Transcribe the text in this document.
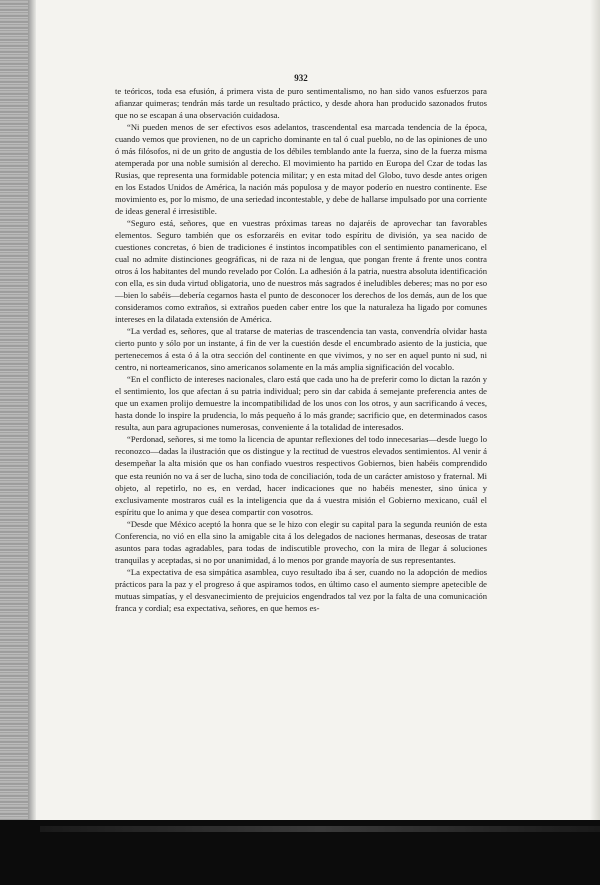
932

te teóricos, toda esa efusión, á primera vista de puro sentimentalismo, no han sido vanos esfuerzos para afianzar quimeras; tendrán más tarde un resultado práctico, y desde ahora han producido sazonados frutos que no se escapan á una observación cuidadosa.

“Ni pueden menos de ser efectivos esos adelantos, trascendental esa marcada tendencia de la época, cuando vemos que provienen, no de un capricho dominante en tal ó cual pueblo, no de las opiniones de uno ó más filósofos, ni de un grito de angustia de los débiles temblando ante la fuerza, sino de la fuerza misma atemperada por una noble sumisión al derecho. El movimiento ha partido en Europa del Czar de todas las Rusias, que representa una formidable potencia militar; y en esta mitad del Globo, tuvo desde antes origen en los Estados Unidos de América, la nación más populosa y de mayor poderío en nuestro continente. Ese movimiento es, por lo mismo, de una seriedad incontestable, y debe de hallarse impulsado por una corriente de ideas general é irresistible.

“Seguro está, señores, que en vuestras próximas tareas no dajaréis de aprovechar tan favorables elementos. Seguro también que os esforzaréis en evitar todo espíritu de división, ya sea nacido de cuestiones concretas, ó bien de tradiciones é instintos incompatibles con el sentimiento panamericano, el cual no admite distinciones geográficas, ni de raza ni de lengua, que pongan frente á frente unos contra otros á los habitantes del mundo revelado por Colón. La adhesión á la patria, nuestra absoluta identificación con ella, es sin duda virtud obligatoria, uno de nuestros más sagrados é ineludibles deberes; mas no por eso—bien lo sabéis—debería cegarnos hasta el punto de desconocer los derechos de los demás, aun de los que consideramos como extraños, si extraños pueden caber entre los que la naturaleza ha ligado por comunes intereses en la dilatada extensión de América.

“La verdad es, señores, que al tratarse de materias de trascendencia tan vasta, convendría olvidar hasta cierto punto y sólo por un instante, á fin de ver la cuestión desde el encumbrado asiento de la justicia, que pertenecemos á esta ó á la otra sección del continente en que vivimos, y no ser en aquel punto ni sud, ni centro, ni norteamericanos, sino americanos solamente en la más amplia significación del vocablo.

“En el conflicto de intereses nacionales, claro está que cada uno ha de preferir como lo dictan la razón y el sentimiento, los que afectan á su patria individual; pero sin dar cabida á semejante preferencia antes de que un examen prolijo demuestre la incompatibilidad de los unos con los otros, y aun sacrificando á veces, hasta donde lo inspire la prudencia, lo más pequeño á lo más grande; sacrificio que, en determinados casos resulta, aun para agrupaciones numerosas, conveniente á la totalidad de interesados.

“Perdonad, señores, si me tomo la licencia de apuntar reflexiones del todo innecesarias—desde luego lo reconozco—dadas la ilustración que os distingue y la rectitud de vuestros elevados sentimientos. Al venir á desempeñar la alta misión que os han confiado vuestros respectivos Gobiernos, bien habéis comprendido que esta reunión no va á ser de lucha, sino toda de conciliación, toda de un carácter amistoso y fraternal. Mi objeto, al repetirlo, no es, en verdad, hacer indicaciones que no habéis menester, sino única y exclusivamente mostraros cuál es la inteligencia que da á vuestra misión el Gobierno mexicano, cuál el espíritu que lo anima y que desea compartir con vosotros.

“Desde que México aceptó la honra que se le hizo con elegir su capital para la segunda reunión de esta Conferencia, no vió en ella sino la amigable cita á los delegados de naciones hermanas, deseosas de tratar asuntos para todas agradables, para todas de indiscutible provecho, con la mira de llegar á soluciones tranquilas y aceptadas, si no por unanimidad, á lo menos por grande mayoría de sus representantes.

“La expectativa de esa simpática asamblea, cuyo resultado iba á ser, cuando no la adopción de medios prácticos para la paz y el progreso á que aspiramos todos, en último caso el aumento siempre apetecible de mutuas simpatías, y el desvanecimiento de prejuicios engendrados tal vez por la falta de una comunicación franca y cordial; esa expectativa, señores, en que hemos es-
